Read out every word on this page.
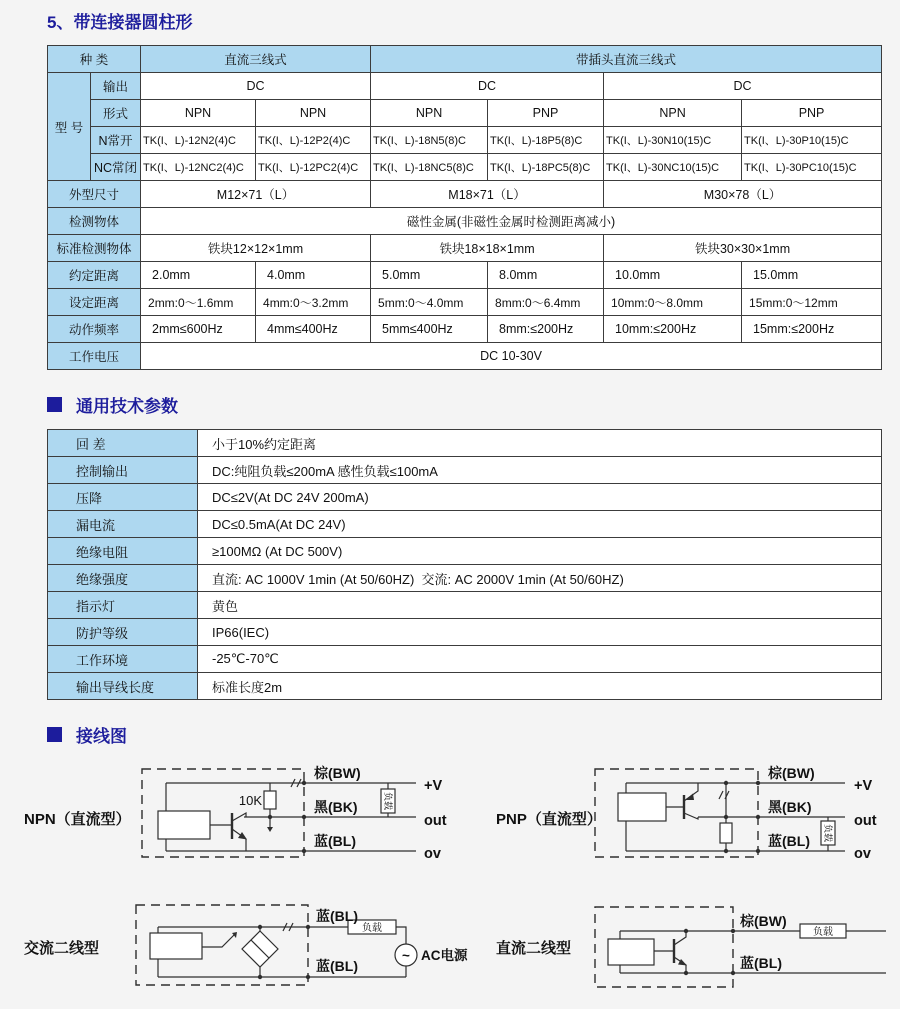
5、带连接器圆柱形
种 类		直流三线式		带插头直流三线式			
型 号	输出	DC		DC		DC	
	形式	NPN	NPN	NPN	PNP	NPN	PNP
	N常开	TK(I、L)-12N2(4)C	TK(I、L)-12P2(4)C	TK(I、L)-18N5(8)C	TK(I、L)-18P5(8)C	TK(I、L)-30N10(15)C	TK(I、L)-30P10(15)C
	NC常闭	TK(I、L)-12NC2(4)C	TK(I、L)-12PC2(4)C	TK(I、L)-18NC5(8)C	TK(I、L)-18PC5(8)C	TK(I、L)-30NC10(15)C	TK(I、L)-30PC10(15)C
外型尺寸		M12×71（L）		M18×71（L）		M30×78（L）	
检测物体		磁性金属(非磁性金属时检测距离减小)					
标准检测物体		铁块12×12×1mm		铁块18×18×1mm		铁块30×30×1mm	
约定距离		2.0mm	4.0mm	5.0mm	8.0mm	10.0mm	15.0mm
设定距离		2mm:0～1.6mm	4mm:0～3.2mm	5mm:0～4.0mm	8mm:0～6.4mm	10mm:0～8.0mm	15mm:0～12mm
动作频率		2mm≤600Hz	4mm≤400Hz	5mm≤400Hz	8mm:≤200Hz	10mm:≤200Hz	15mm:≤200Hz
工作电压		DC 10-30V					
通用技术参数
回 差	小于10%约定距离
控制输出	DC:纯阻负载≤200mA 感性负载≤100mA
压降	DC≤2V(At DC 24V 200mA)
漏电流	DC≤0.5mA(At DC 24V)
绝缘电阻	≥100MΩ (At DC 500V)
绝缘强度	直流: AC 1000V 1min (At 50/60HZ)  交流: AC 2000V 1min (At 50/60HZ)
指示灯	黄色
防护等级	IP66(IEC)
工作环境	-25℃-70℃
输出导线长度	标准长度2m
接线图
NPN（直流型）
10K	负载
棕(BW)
黑(BK)
蓝(BL)
+V
out
ov
PNP（直流型）
负载
棕(BW)
黑(BK)
蓝(BL)
+V
out
ov
交流二线型
负载
~
蓝(BL)
蓝(BL)
AC电源 直流二线型
负载
棕(BW)
蓝(BL)
